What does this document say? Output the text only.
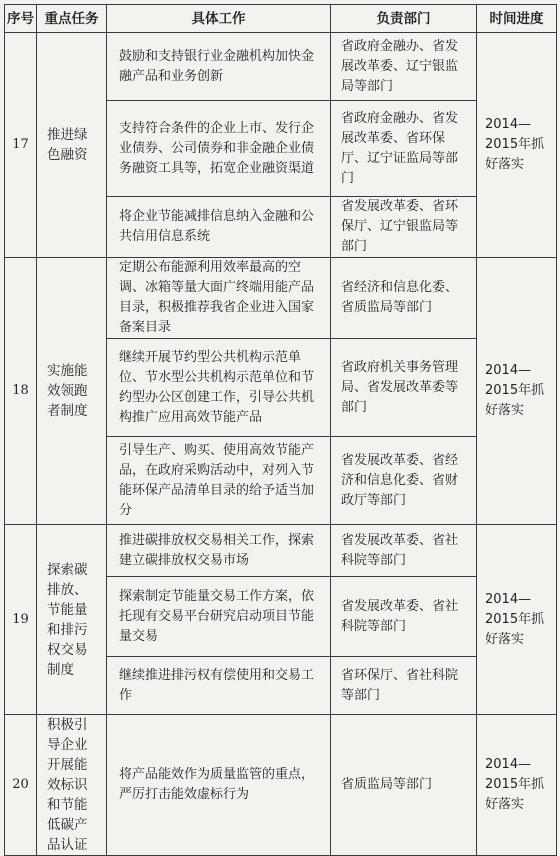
序号	重点任务	具体工作	负责部门	时间进度
17	推进绿色融资	鼓励和支持银行业金融机构加快金融产品和业务创新	省政府金融办、省发展改革委、辽宁银监局等部门	2014—2015年抓好落实
		支持符合条件的企业上市、发行企业债券、公司债券和非金融企业债务融资工具等，拓宽企业融资渠道	省政府金融办、省发展改革委、省环保厅、辽宁证监局等部门	
		将企业节能减排信息纳入金融和公共信用信息系统	省发展改革委、省环保厅、辽宁银监局等部门	
18	实施能效领跑者制度	定期公布能源利用效率最高的空调、冰箱等量大面广终端用能产品目录，积极推荐我省企业进入国家备案目录	省经济和信息化委、省质监局等部门	2014—2015年抓好落实
		继续开展节约型公共机构示范单位、节水型公共机构示范单位和节约型办公区创建工作，引导公共机构推广应用高效节能产品	省政府机关事务管理局、省发展改革委等部门	
		引导生产、购买、使用高效节能产品，在政府采购活动中，对列入节能环保产品清单目录的给予适当加分	省发展改革委、省经济和信息化委、省财政厅等部门	
19	探索碳排放、节能量和排污权交易制度	推进碳排放权交易相关工作，探索建立碳排放权交易市场	省发展改革委、省社科院等部门	2014—2015年抓好落实
		探索制定节能量交易工作方案，依托现有交易平台研究启动项目节能量交易	省发展改革委、省社科院等部门	
		继续推进排污权有偿使用和交易工作	省环保厅、省社科院等部门	
20	积极引导企业开展能效标识和节能低碳产品认证	将产品能效作为质量监管的重点，严厉打击能效虚标行为	省质监局等部门	2014—2015年抓好落实
